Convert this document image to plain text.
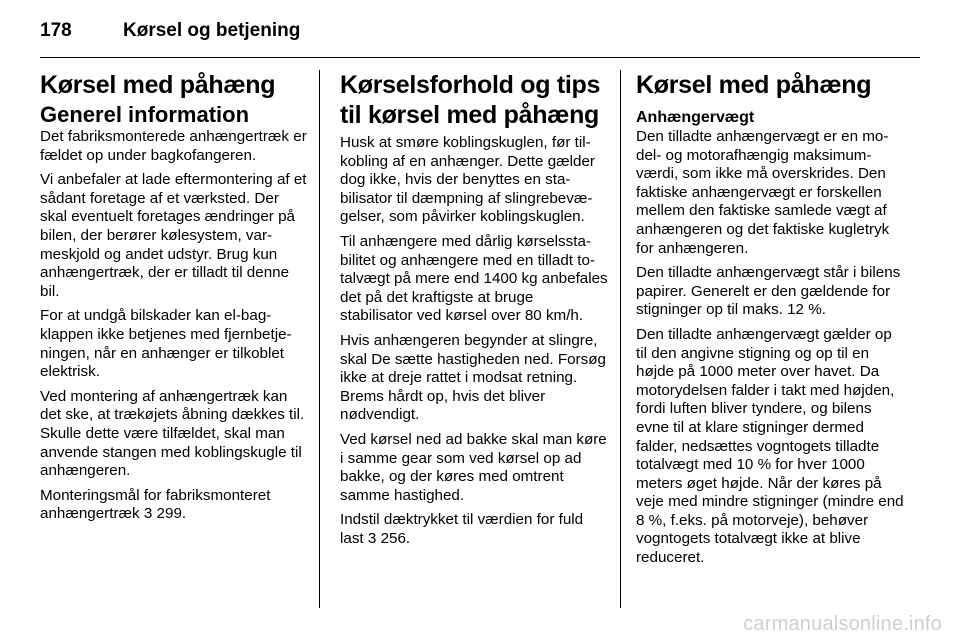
178	Kørsel og betjening
Kørsel med påhæng
Generel information

Det fabriksmonterede anhængertræk er fældet op under bagkofangeren.

Vi anbefaler at lade eftermontering af et sådant foretage af et værksted. Der skal eventuelt foretages ændringer på bilen, der berører kølesystem, varmeskjold og andet udstyr. Brug kun anhængertræk, der er tilladt til denne bil.

For at undgå bilskader kan el-bagklappen ikke betjenes med fjernbetjeningen, når en anhænger er tilkoblet elektrisk.

Ved montering af anhængertræk kan det ske, at trækøjets åbning dækkes til. Skulle dette være tilfældet, skal man anvende stangen med koblingskugle til anhængeren.

Monteringsmål for fabriksmonteret anhængertræk 3 299.

Kørselsforhold og tips til kørsel med påhæng

Husk at smøre koblingskuglen, før tilkobling af en anhænger. Dette gælder dog ikke, hvis der benyttes en stabilisator til dæmpning af slingrebevægelser, som påvirker koblingskuglen.

Til anhængere med dårlig kørselsstabilitet og anhængere med en tilladt totalvægt på mere end 1400 kg anbefales det på det kraftigste at bruge stabilisator ved kørsel over 80 km/h.

Hvis anhængeren begynder at slingre, skal De sætte hastigheden ned. Forsøg ikke at dreje rattet i modsat retning. Brems hårdt op, hvis det bliver nødvendigt.

Ved kørsel ned ad bakke skal man køre i samme gear som ved kørsel op ad bakke, og der køres med omtrent samme hastighed.

Indstil dæktrykket til værdien for fuld last 3 256.

Kørsel med påhæng
Anhængervægt

Den tilladte anhængervægt er en model- og motorafhængig maksimumværdi, som ikke må overskrides. Den faktiske anhængervægt er forskellen mellem den faktiske samlede vægt af anhængeren og det faktiske kugletryk for anhængeren.

Den tilladte anhængervægt står i bilens papirer. Generelt er den gældende for stigninger op til maks. 12 %.

Den tilladte anhængervægt gælder op til den angivne stigning og op til en højde på 1000 meter over havet. Da motorydelsen falder i takt med højden, fordi luften bliver tyndere, og bilens evne til at klare stigninger dermed falder, nedsættes vogntogets tilladte totalvægt med 10 % for hver 1000 meters øget højde. Når der køres på veje med mindre stigninger (mindre end 8 %, f.eks. på motorveje), behøver vogntogets totalvægt ikke at blive reduceret.

carmanualsonline.info
